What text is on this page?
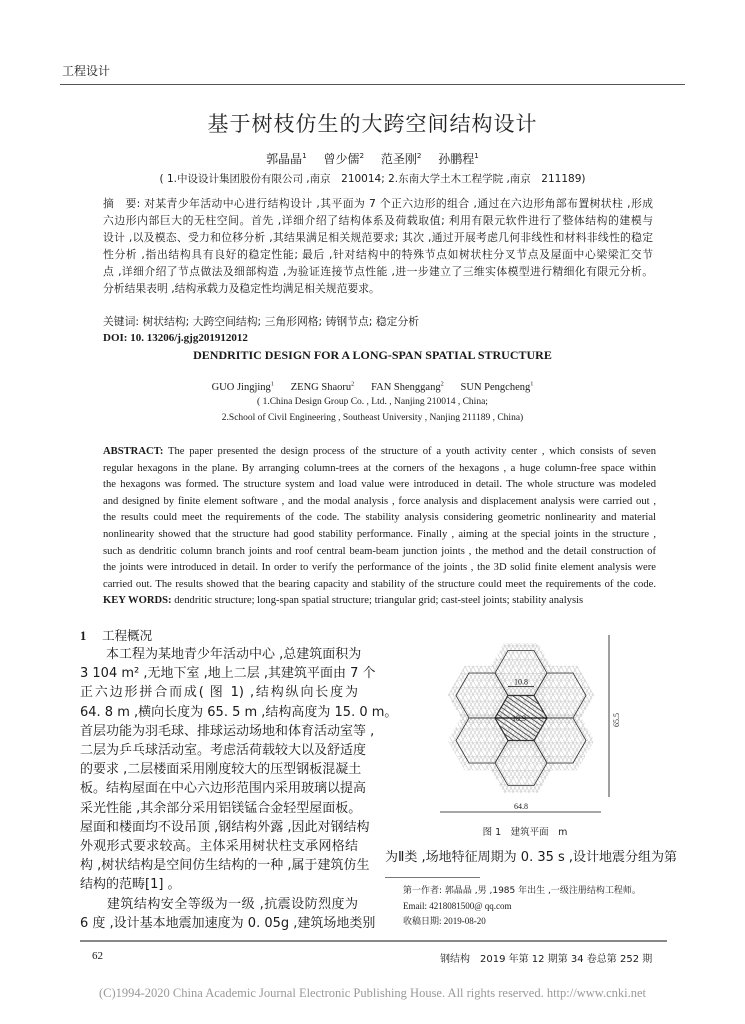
工程设计
基于树枝仿生的大跨空间结构设计
郭晶晶$^1$ 曾少儒$^2$ 范圣刚$^2$ 孙鹏程$^1$
( 1.中设设计集团股份有限公司 ,南京　210014; 2.东南大学土木工程学院 ,南京　211189)
摘　要: 对某青少年活动中心进行结构设计 ,其平面为 7 个正六边形的组合 ,通过在六边形角部布置树状柱 ,形成
六边形内部巨大的无柱空间。首先 ,详细介绍了结构体系及荷载取值; 利用有限元软件进行了整体结构的建模与
设计 ,以及模态、受力和位移分析 ,其结果满足相关规范要求; 其次 ,通过开展考虑几何非线性和材料非线性的稳定
性分析 ,指出结构具有良好的稳定性能; 最后 ,针对结构中的特殊节点如树状柱分叉节点及屋面中心梁梁汇交节
点 ,详细介绍了节点做法及细部构造 ,为验证连接节点性能 ,进一步建立了三维实体模型进行精细化有限元分析。
分析结果表明 ,结构承载力及稳定性均满足相关规范要求。
关键词: 树状结构; 大跨空间结构; 三角形网格; 铸钢节点; 稳定分析
DOI: 10. 13206/j.gjg201912012
DENDRITIC DESIGN FOR A LONG-SPAN SPATIAL STRUCTURE
GUO Jingjing$^1$ ZENG Shaoru$^2$ FAN Shenggang$^2$ SUN Pengcheng$^1$
( 1.China Design Group Co. , Ltd. , Nanjing 210014 , China;
2.School of Civil Engineering , Southeast University , Nanjing 211189 , China)
ABSTRACT: The paper presented the design process of the structure of a youth activity center , which consists of seven
regular hexagons in the plane. By arranging column-trees at the corners of the hexagons , a huge column-free space within
the hexagons was formed. The structure system and load value were introduced in detail. The whole structure was modeled
and designed by finite element software , and the modal analysis , force analysis and displacement analysis were carried out ,
the results could meet the requirements of the code. The stability analysis considering geometric nonlinearity and material
nonlinearity showed that the structure had good stability performance. Finally , aiming at the special joints in the structure ,
such as dendritic column branch joints and roof central beam-beam junction joints , the method and the detail construction of
the joints were introduced in detail. In order to verify the performance of the joints , the 3D solid finite element analysis were
carried out. The results showed that the bearing capacity and stability of the structure could meet the requirements of the code.
KEY WORDS: dendritic structure; long-span spatial structure; triangular grid; cast-steel joints; stability analysis
1 工程概况
　　本工程为某地青少年活动中心 ,总建筑面积为
3 104 m² ,无地下室 ,地上二层 ,其建筑平面由 7 个
正六边形拼合而成( 图 1) ,结构纵向长度为
64. 8 m ,横向长度为 65. 5 m ,结构高度为 15. 0 m。
首层功能为羽毛球、排球运动场地和体育活动室等 ,
二层为乒乓球活动室。考虑活荷载较大以及舒适度
的要求 ,二层楼面采用刚度较大的压型钢板混凝土
板。结构屋面在中心六边形范围内采用玻璃以提高
采光性能 ,其余部分采用铝镁锰合金轻型屋面板。
屋面和楼面均不设吊顶 ,钢结构外露 ,因此对钢结构
外观形式要求较高。主体采用树状柱支承网格结
构 ,树状结构是空间仿生结构的一种 ,属于建筑仿生
结构的范畴[1] 。
　　建筑结构安全等级为一级 ,抗震设防烈度为
6 度 ,设计基本地震加速度为 0. 05g ,建筑场地类别
10.8
18.9	65.5
64.8
图 1　建筑平面　m
为Ⅱ类 ,场地特征周期为 0. 35 s ,设计地震分组为第
第一作者: 郭晶晶 ,男 ,1985 年出生 ,一级注册结构工程师。
Email: 4218081500@ qq.com
收稿日期: 2019-08-20
62	钢结构　2019 年第 12 期第 34 卷总第 252 期
(C)1994-2020 China Academic Journal Electronic Publishing House. All rights reserved. http://www.cnki.net
